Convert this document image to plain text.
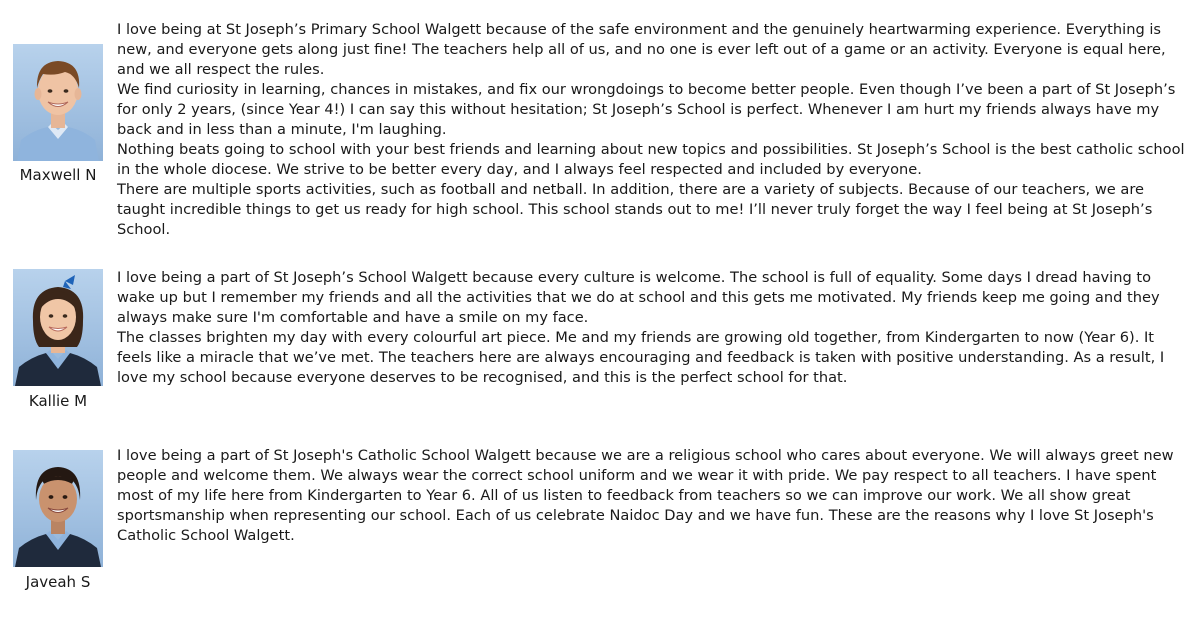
Maxwell N

I love being at St Joseph’s Primary School Walgett because of the safe environment and the genuinely heartwarming experience. Everything is new, and everyone gets along just fine! The teachers help all of us, and no one is ever left out of a game or an activity. Everyone is equal here, and we all respect the rules.

We find curiosity in learning, chances in mistakes, and fix our wrongdoings to become better people. Even though I’ve been a part of St Joseph’s for only 2 years, (since Year 4!) I can say this without hesitation; St Joseph’s School is perfect. Whenever I am hurt my friends always have my back and in less than a minute, I'm laughing.

Nothing beats going to school with your best friends and learning about new topics and possibilities. St Joseph’s School is the best catholic school in the whole diocese. We strive to be better every day, and I always feel respected and included by everyone.

There are multiple sports activities, such as football and netball. In addition, there are a variety of subjects. Because of our teachers, we are taught incredible things to get us ready for high school. This school stands out to me! I’ll never truly forget the way I feel being at St Joseph’s School.

Kallie M

I love being a part of St Joseph’s School Walgett because every culture is welcome. The school is full of equality. Some days I dread having to wake up but I remember my friends and all the activities that we do at school and this gets me motivated. My friends keep me going and they always make sure I'm comfortable and have a smile on my face.

The classes brighten my day with every colourful art piece. Me and my friends are growing old together, from Kindergarten to now (Year 6). It feels like a miracle that we’ve met. The teachers here are always encouraging and feedback is taken with positive understanding. As a result, I love my school because everyone deserves to be recognised, and this is the perfect school for that.

Javeah S

I love being a part of St Joseph's Catholic School Walgett because we are a religious school who cares about everyone. We will always greet new people and welcome them. We always wear the correct school uniform and we wear it with pride. We pay respect to all teachers. I have spent most of my life here from Kindergarten to Year 6. All of us listen to feedback from teachers so we can improve our work. We all show great sportsmanship when representing our school. Each of us celebrate Naidoc Day and we have fun. These are the reasons why I love St Joseph's Catholic School Walgett.
